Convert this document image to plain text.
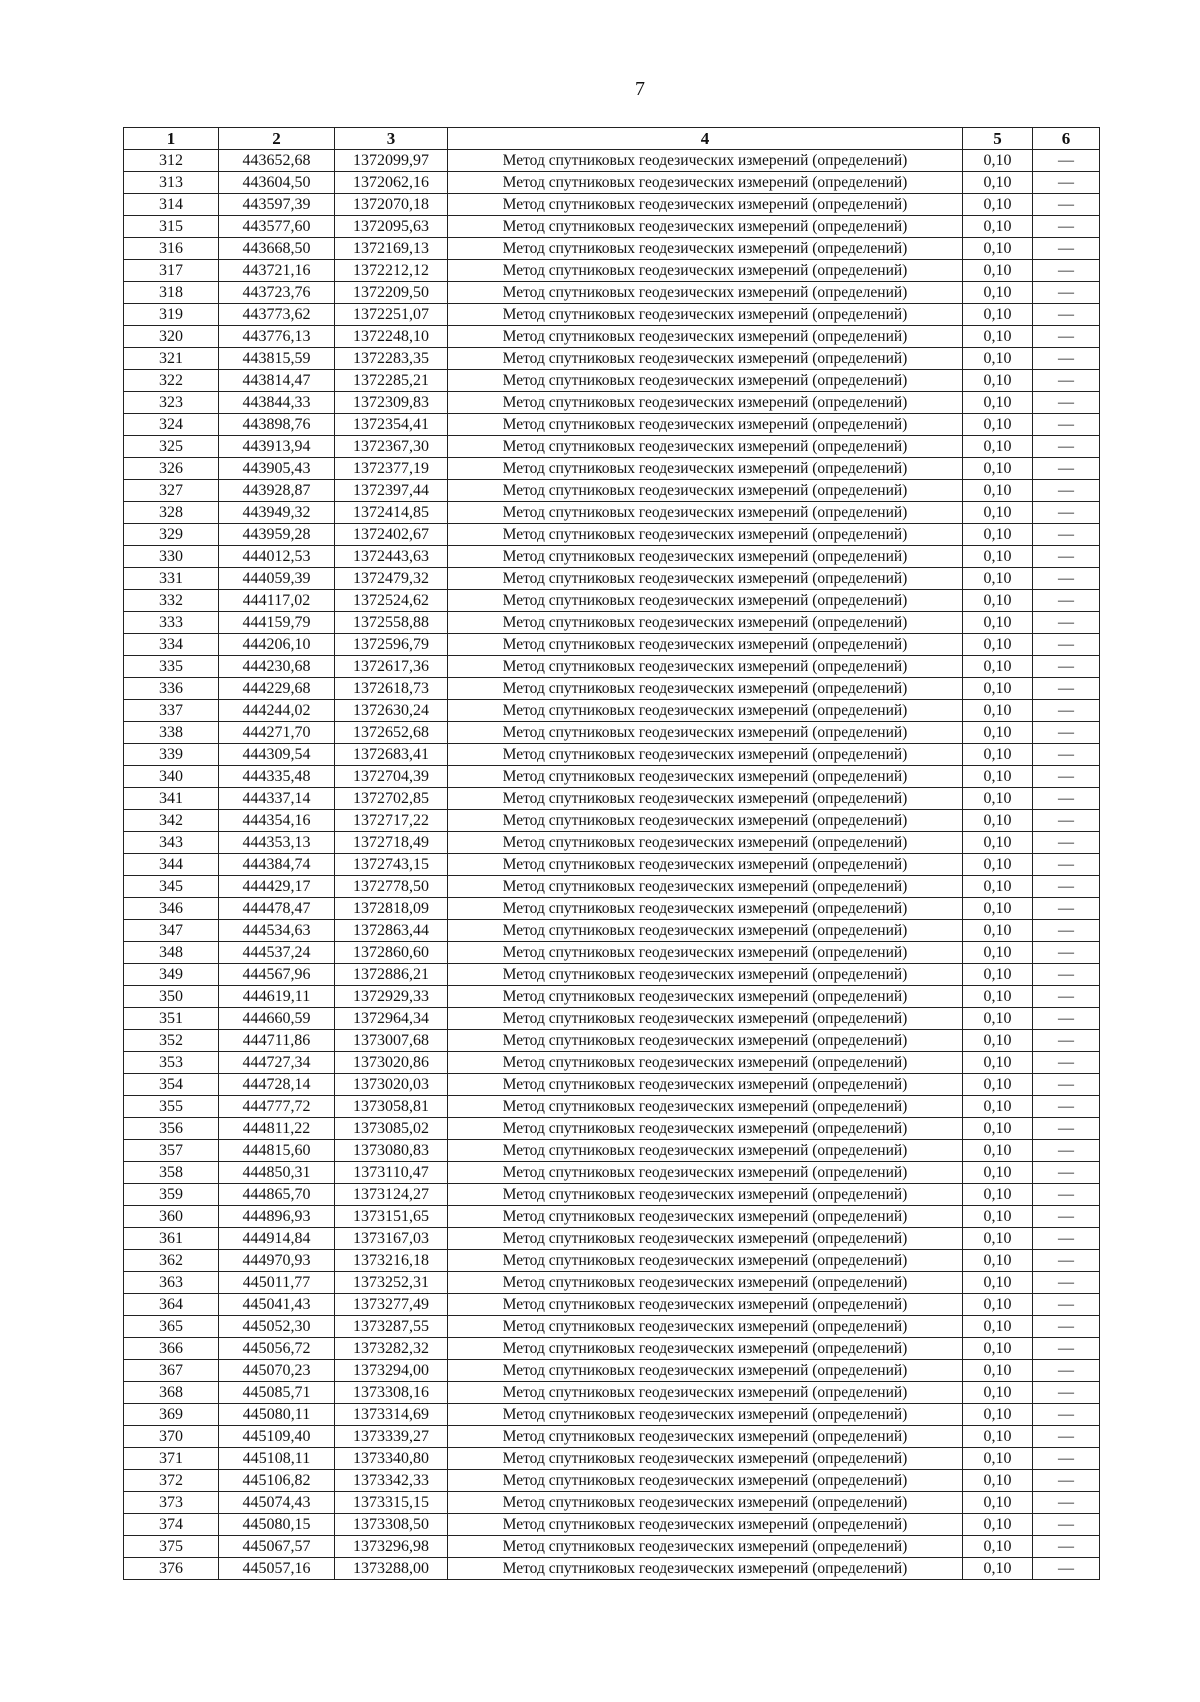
7
1	2	3	4	5	6
312	443652,68	1372099,97	Метод спутниковых геодезических измерений (определений)	0,10	—
313	443604,50	1372062,16	Метод спутниковых геодезических измерений (определений)	0,10	—
314	443597,39	1372070,18	Метод спутниковых геодезических измерений (определений)	0,10	—
315	443577,60	1372095,63	Метод спутниковых геодезических измерений (определений)	0,10	—
316	443668,50	1372169,13	Метод спутниковых геодезических измерений (определений)	0,10	—
317	443721,16	1372212,12	Метод спутниковых геодезических измерений (определений)	0,10	—
318	443723,76	1372209,50	Метод спутниковых геодезических измерений (определений)	0,10	—
319	443773,62	1372251,07	Метод спутниковых геодезических измерений (определений)	0,10	—
320	443776,13	1372248,10	Метод спутниковых геодезических измерений (определений)	0,10	—
321	443815,59	1372283,35	Метод спутниковых геодезических измерений (определений)	0,10	—
322	443814,47	1372285,21	Метод спутниковых геодезических измерений (определений)	0,10	—
323	443844,33	1372309,83	Метод спутниковых геодезических измерений (определений)	0,10	—
324	443898,76	1372354,41	Метод спутниковых геодезических измерений (определений)	0,10	—
325	443913,94	1372367,30	Метод спутниковых геодезических измерений (определений)	0,10	—
326	443905,43	1372377,19	Метод спутниковых геодезических измерений (определений)	0,10	—
327	443928,87	1372397,44	Метод спутниковых геодезических измерений (определений)	0,10	—
328	443949,32	1372414,85	Метод спутниковых геодезических измерений (определений)	0,10	—
329	443959,28	1372402,67	Метод спутниковых геодезических измерений (определений)	0,10	—
330	444012,53	1372443,63	Метод спутниковых геодезических измерений (определений)	0,10	—
331	444059,39	1372479,32	Метод спутниковых геодезических измерений (определений)	0,10	—
332	444117,02	1372524,62	Метод спутниковых геодезических измерений (определений)	0,10	—
333	444159,79	1372558,88	Метод спутниковых геодезических измерений (определений)	0,10	—
334	444206,10	1372596,79	Метод спутниковых геодезических измерений (определений)	0,10	—
335	444230,68	1372617,36	Метод спутниковых геодезических измерений (определений)	0,10	—
336	444229,68	1372618,73	Метод спутниковых геодезических измерений (определений)	0,10	—
337	444244,02	1372630,24	Метод спутниковых геодезических измерений (определений)	0,10	—
338	444271,70	1372652,68	Метод спутниковых геодезических измерений (определений)	0,10	—
339	444309,54	1372683,41	Метод спутниковых геодезических измерений (определений)	0,10	—
340	444335,48	1372704,39	Метод спутниковых геодезических измерений (определений)	0,10	—
341	444337,14	1372702,85	Метод спутниковых геодезических измерений (определений)	0,10	—
342	444354,16	1372717,22	Метод спутниковых геодезических измерений (определений)	0,10	—
343	444353,13	1372718,49	Метод спутниковых геодезических измерений (определений)	0,10	—
344	444384,74	1372743,15	Метод спутниковых геодезических измерений (определений)	0,10	—
345	444429,17	1372778,50	Метод спутниковых геодезических измерений (определений)	0,10	—
346	444478,47	1372818,09	Метод спутниковых геодезических измерений (определений)	0,10	—
347	444534,63	1372863,44	Метод спутниковых геодезических измерений (определений)	0,10	—
348	444537,24	1372860,60	Метод спутниковых геодезических измерений (определений)	0,10	—
349	444567,96	1372886,21	Метод спутниковых геодезических измерений (определений)	0,10	—
350	444619,11	1372929,33	Метод спутниковых геодезических измерений (определений)	0,10	—
351	444660,59	1372964,34	Метод спутниковых геодезических измерений (определений)	0,10	—
352	444711,86	1373007,68	Метод спутниковых геодезических измерений (определений)	0,10	—
353	444727,34	1373020,86	Метод спутниковых геодезических измерений (определений)	0,10	—
354	444728,14	1373020,03	Метод спутниковых геодезических измерений (определений)	0,10	—
355	444777,72	1373058,81	Метод спутниковых геодезических измерений (определений)	0,10	—
356	444811,22	1373085,02	Метод спутниковых геодезических измерений (определений)	0,10	—
357	444815,60	1373080,83	Метод спутниковых геодезических измерений (определений)	0,10	—
358	444850,31	1373110,47	Метод спутниковых геодезических измерений (определений)	0,10	—
359	444865,70	1373124,27	Метод спутниковых геодезических измерений (определений)	0,10	—
360	444896,93	1373151,65	Метод спутниковых геодезических измерений (определений)	0,10	—
361	444914,84	1373167,03	Метод спутниковых геодезических измерений (определений)	0,10	—
362	444970,93	1373216,18	Метод спутниковых геодезических измерений (определений)	0,10	—
363	445011,77	1373252,31	Метод спутниковых геодезических измерений (определений)	0,10	—
364	445041,43	1373277,49	Метод спутниковых геодезических измерений (определений)	0,10	—
365	445052,30	1373287,55	Метод спутниковых геодезических измерений (определений)	0,10	—
366	445056,72	1373282,32	Метод спутниковых геодезических измерений (определений)	0,10	—
367	445070,23	1373294,00	Метод спутниковых геодезических измерений (определений)	0,10	—
368	445085,71	1373308,16	Метод спутниковых геодезических измерений (определений)	0,10	—
369	445080,11	1373314,69	Метод спутниковых геодезических измерений (определений)	0,10	—
370	445109,40	1373339,27	Метод спутниковых геодезических измерений (определений)	0,10	—
371	445108,11	1373340,80	Метод спутниковых геодезических измерений (определений)	0,10	—
372	445106,82	1373342,33	Метод спутниковых геодезических измерений (определений)	0,10	—
373	445074,43	1373315,15	Метод спутниковых геодезических измерений (определений)	0,10	—
374	445080,15	1373308,50	Метод спутниковых геодезических измерений (определений)	0,10	—
375	445067,57	1373296,98	Метод спутниковых геодезических измерений (определений)	0,10	—
376	445057,16	1373288,00	Метод спутниковых геодезических измерений (определений)	0,10	—
